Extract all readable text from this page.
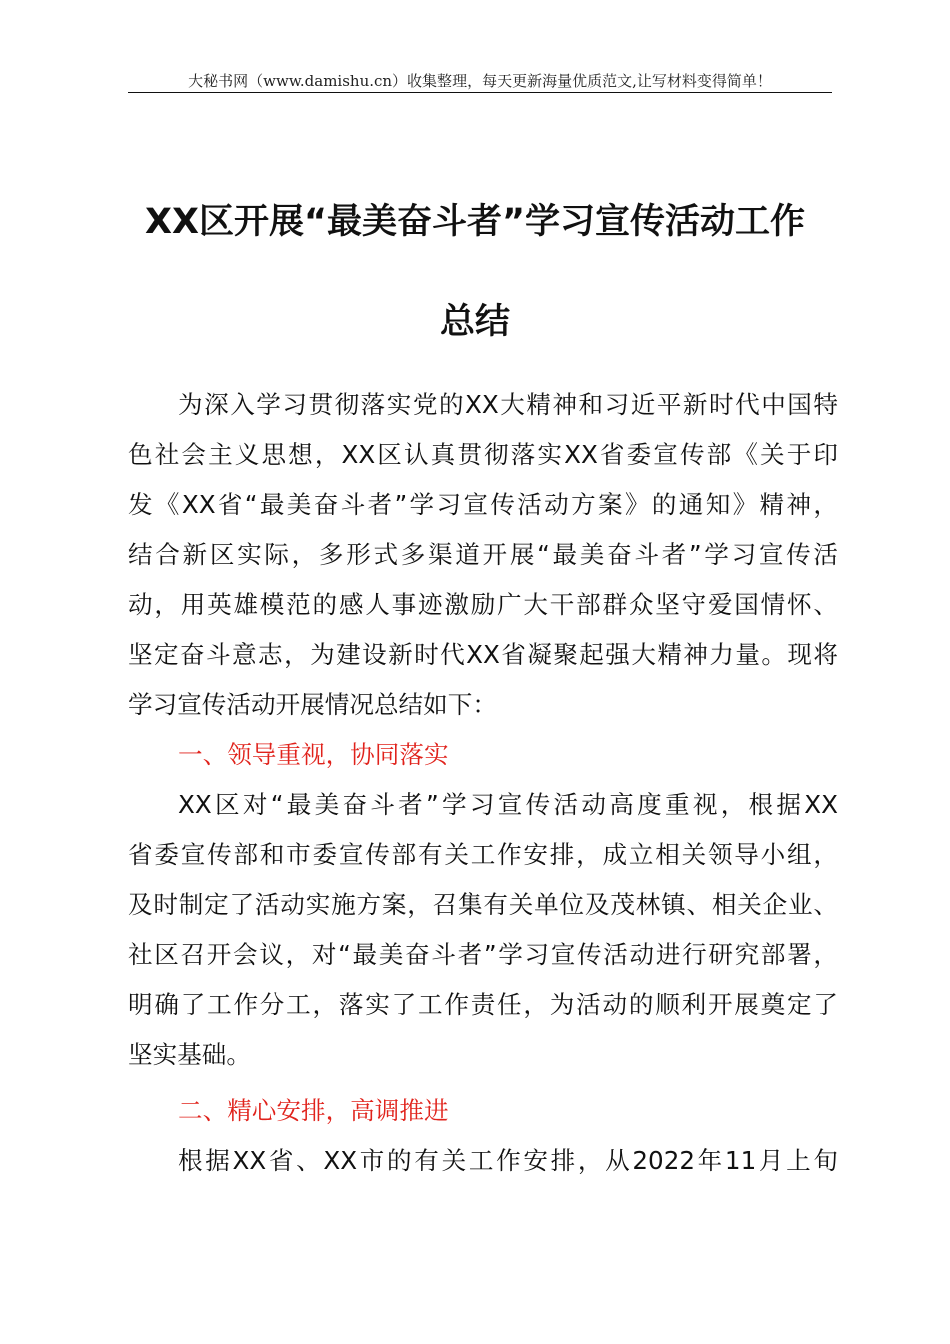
大秘书网（www.damishu.cn）收集整理，每天更新海量优质范文,让写材料变得简单！
XX区开展“最美奋斗者”学习宣传活动工作
总结
为深入学习贯彻落实党的XX大精神和习近平新时代中国特
色社会主义思想，XX区认真贯彻落实XX省委宣传部《关于印
发《XX省“最美奋斗者”学习宣传活动方案》的通知》精神，
结合新区实际，多形式多渠道开展“最美奋斗者”学习宣传活
动，用英雄模范的感人事迹激励广大干部群众坚守爱国情怀、
坚定奋斗意志，为建设新时代XX省凝聚起强大精神力量。现将
学习宣传活动开展情况总结如下：
一、领导重视，协同落实
XX区对“最美奋斗者”学习宣传活动高度重视，根据XX
省委宣传部和市委宣传部有关工作安排，成立相关领导小组，
及时制定了活动实施方案，召集有关单位及茂林镇、相关企业、
社区召开会议，对“最美奋斗者”学习宣传活动进行研究部署，
明确了工作分工，落实了工作责任，为活动的顺利开展奠定了
坚实基础。
二、精心安排，高调推进
根据XX省、XX市的有关工作安排，从2022年11月上旬
